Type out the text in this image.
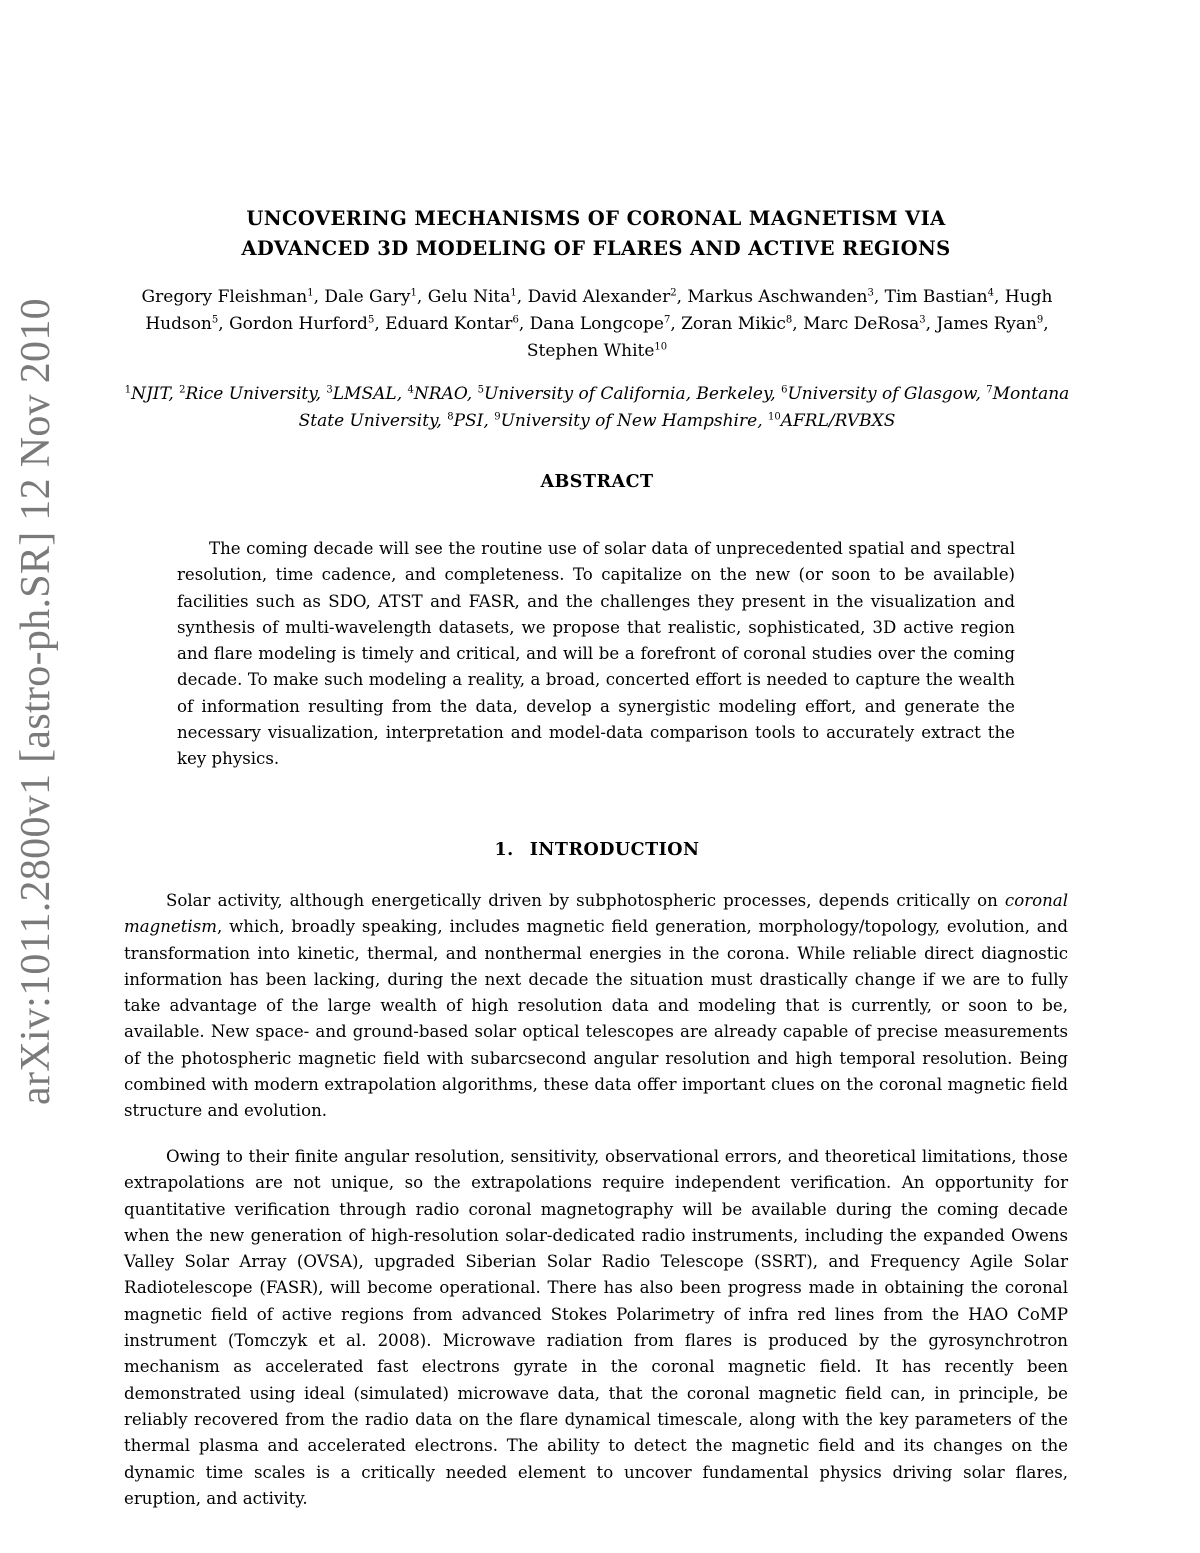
arXiv:1011.2800v1 [astro-ph.SR] 12 Nov 2010
UNCOVERING MECHANISMS OF CORONAL MAGNETISM VIA
ADVANCED 3D MODELING OF FLARES AND ACTIVE REGIONS
Gregory Fleishman$^1$, Dale Gary$^1$, Gelu Nita$^1$, David Alexander$^2$, Markus Aschwanden$^3$, Tim Bastian$^4$, Hugh Hudson$^5$, Gordon Hurford$^5$, Eduard Kontar$^6$, Dana Longcope$^7$, Zoran Mikic$^8$, Marc DeRosa$^3$, James Ryan$^9$, Stephen White$^{10}$
$^1$NJIT, $^2$Rice University, $^3$LMSAL, $^4$NRAO, $^5$University of California, Berkeley, $^6$University of Glasgow, $^7$Montana State University, $^8$PSI, $^9$University of New Hampshire, $^{10}$AFRL/RVBXS
ABSTRACT
The coming decade will see the routine use of solar data of unprecedented spatial and spectral resolution, time cadence, and completeness. To capitalize on the new (or soon to be available) facilities such as SDO, ATST and FASR, and the challenges they present in the visualization and synthesis of multi-wavelength datasets, we propose that realistic, sophisticated, 3D active region and flare modeling is timely and critical, and will be a forefront of coronal studies over the coming decade. To make such modeling a reality, a broad, concerted effort is needed to capture the wealth of information resulting from the data, develop a synergistic modeling effort, and generate the necessary visualization, interpretation and model-data comparison tools to accurately extract the key physics.
1. INTRODUCTION
Solar activity, although energetically driven by subphotospheric processes, depends critically on coronal magnetism, which, broadly speaking, includes magnetic field generation, morphology/topology, evolution, and transformation into kinetic, thermal, and nonthermal energies in the corona. While reliable direct diagnostic information has been lacking, during the next decade the situation must drastically change if we are to fully take advantage of the large wealth of high resolution data and modeling that is currently, or soon to be, available. New space- and ground-based solar optical telescopes are already capable of precise measurements of the photospheric magnetic field with subarcsecond angular resolution and high temporal resolution. Being combined with modern extrapolation algorithms, these data offer important clues on the coronal magnetic field structure and evolution.
Owing to their finite angular resolution, sensitivity, observational errors, and theoretical limitations, those extrapolations are not unique, so the extrapolations require independent verification. An opportunity for quantitative verification through radio coronal magnetography will be available during the coming decade when the new generation of high-resolution solar-dedicated radio instruments, including the expanded Owens Valley Solar Array (OVSA), upgraded Siberian Solar Radio Telescope (SSRT), and Frequency Agile Solar Radiotelescope (FASR), will become operational. There has also been progress made in obtaining the coronal magnetic field of active regions from advanced Stokes Polarimetry of infra red lines from the HAO CoMP instrument (Tomczyk et al. 2008). Microwave radiation from flares is produced by the gyrosynchrotron mechanism as accelerated fast electrons gyrate in the coronal magnetic field. It has recently been demonstrated using ideal (simulated) microwave data, that the coronal magnetic field can, in principle, be reliably recovered from the radio data on the flare dynamical timescale, along with the key parameters of the thermal plasma and accelerated electrons. The ability to detect the magnetic field and its changes on the dynamic time scales is a critically needed element to uncover fundamental physics driving solar flares, eruption, and activity.
